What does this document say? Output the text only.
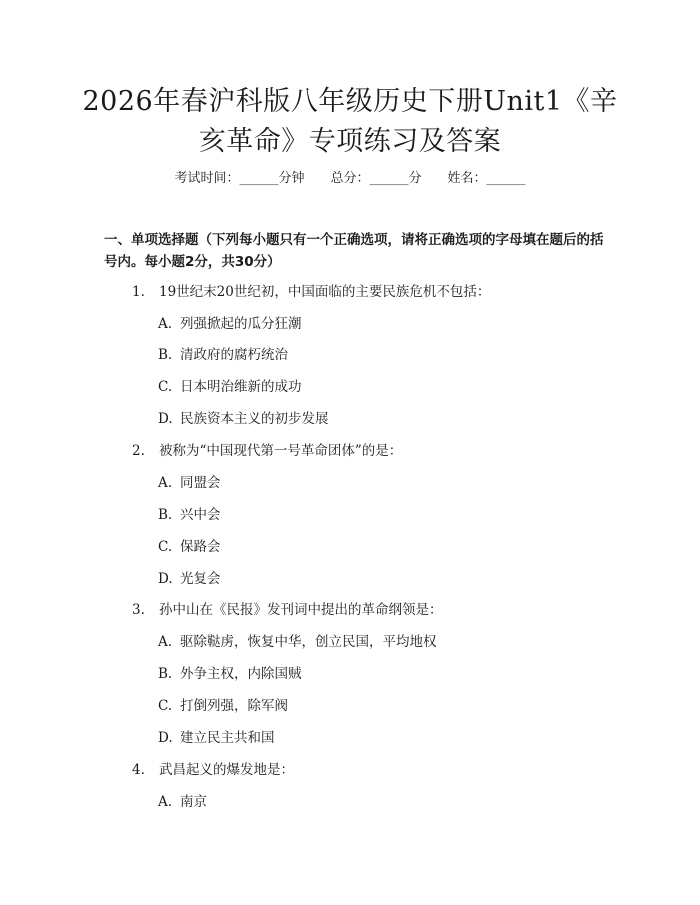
2026年春沪科版八年级历史下册Unit1《辛亥革命》专项练习及答案
考试时间：______分钟 总分：______分 姓名：______

一、单项选择题（下列每小题只有一个正确选项，请将正确选项的字母填在题后的括号内。每小题2分，共30分）

1. 19世纪末20世纪初，中国面临的主要民族危机不包括：
A. 列强掀起的瓜分狂潮
B. 清政府的腐朽统治
C. 日本明治维新的成功
D. 民族资本主义的初步发展
2. 被称为“中国现代第一号革命团体”的是：
A. 同盟会
B. 兴中会
C. 保路会
D. 光复会
3. 孙中山在《民报》发刊词中提出的革命纲领是：
A. 驱除鞑虏，恢复中华，创立民国，平均地权
B. 外争主权，内除国贼
C. 打倒列强，除军阀
D. 建立民主共和国
4. 武昌起义的爆发地是：
A. 南京
